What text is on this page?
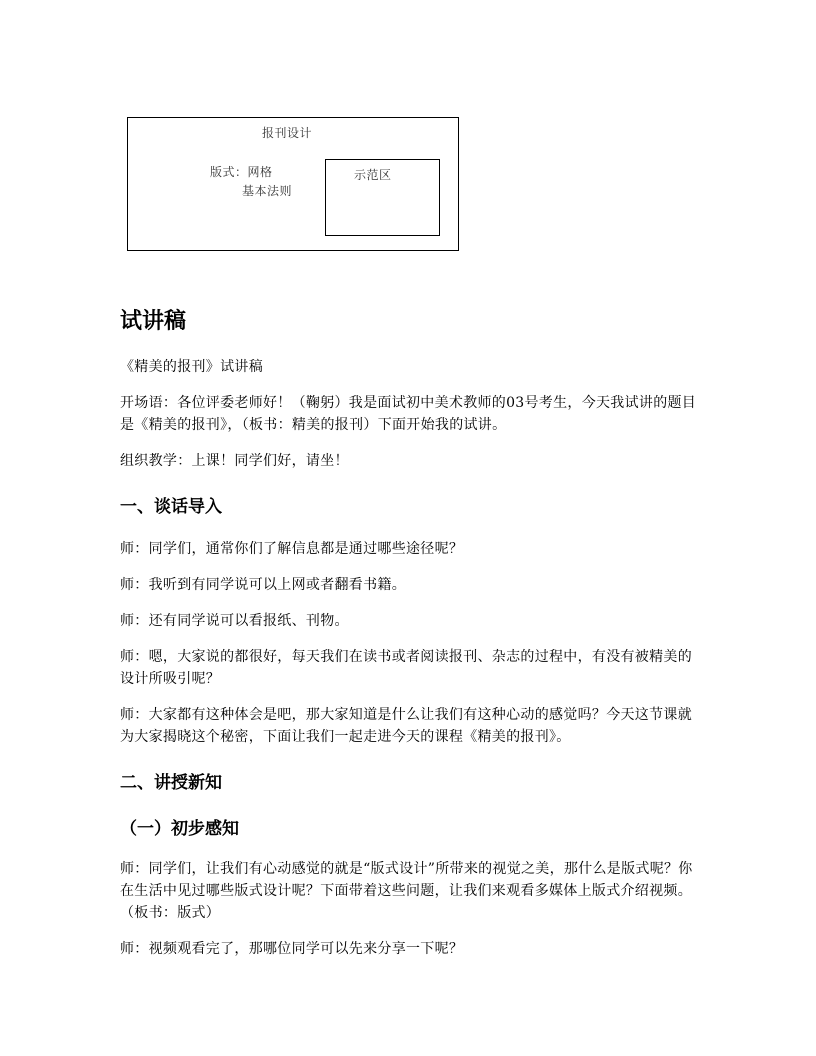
报刊设计
版式：网格
基本法则
示范区
试讲稿

《精美的报刊》试讲稿

开场语：各位评委老师好！（鞠躬）我是面试初中美术教师的03号考生，今天我试讲的题目是《精美的报刊》，（板书：精美的报刊）下面开始我的试讲。

组织教学：上课！同学们好，请坐！

一、谈话导入

师：同学们，通常你们了解信息都是通过哪些途径呢？

师：我听到有同学说可以上网或者翻看书籍。

师：还有同学说可以看报纸、刊物。

师：嗯，大家说的都很好，每天我们在读书或者阅读报刊、杂志的过程中，有没有被精美的设计所吸引呢？

师：大家都有这种体会是吧，那大家知道是什么让我们有这种心动的感觉吗？今天这节课就为大家揭晓这个秘密，下面让我们一起走进今天的课程《精美的报刊》。

二、讲授新知
（一）初步感知

师：同学们，让我们有心动感觉的就是“版式设计”所带来的视觉之美，那什么是版式呢？你在生活中见过哪些版式设计呢？下面带着这些问题，让我们来观看多媒体上版式介绍视频。（板书：版式）

师：视频观看完了，那哪位同学可以先来分享一下呢？
